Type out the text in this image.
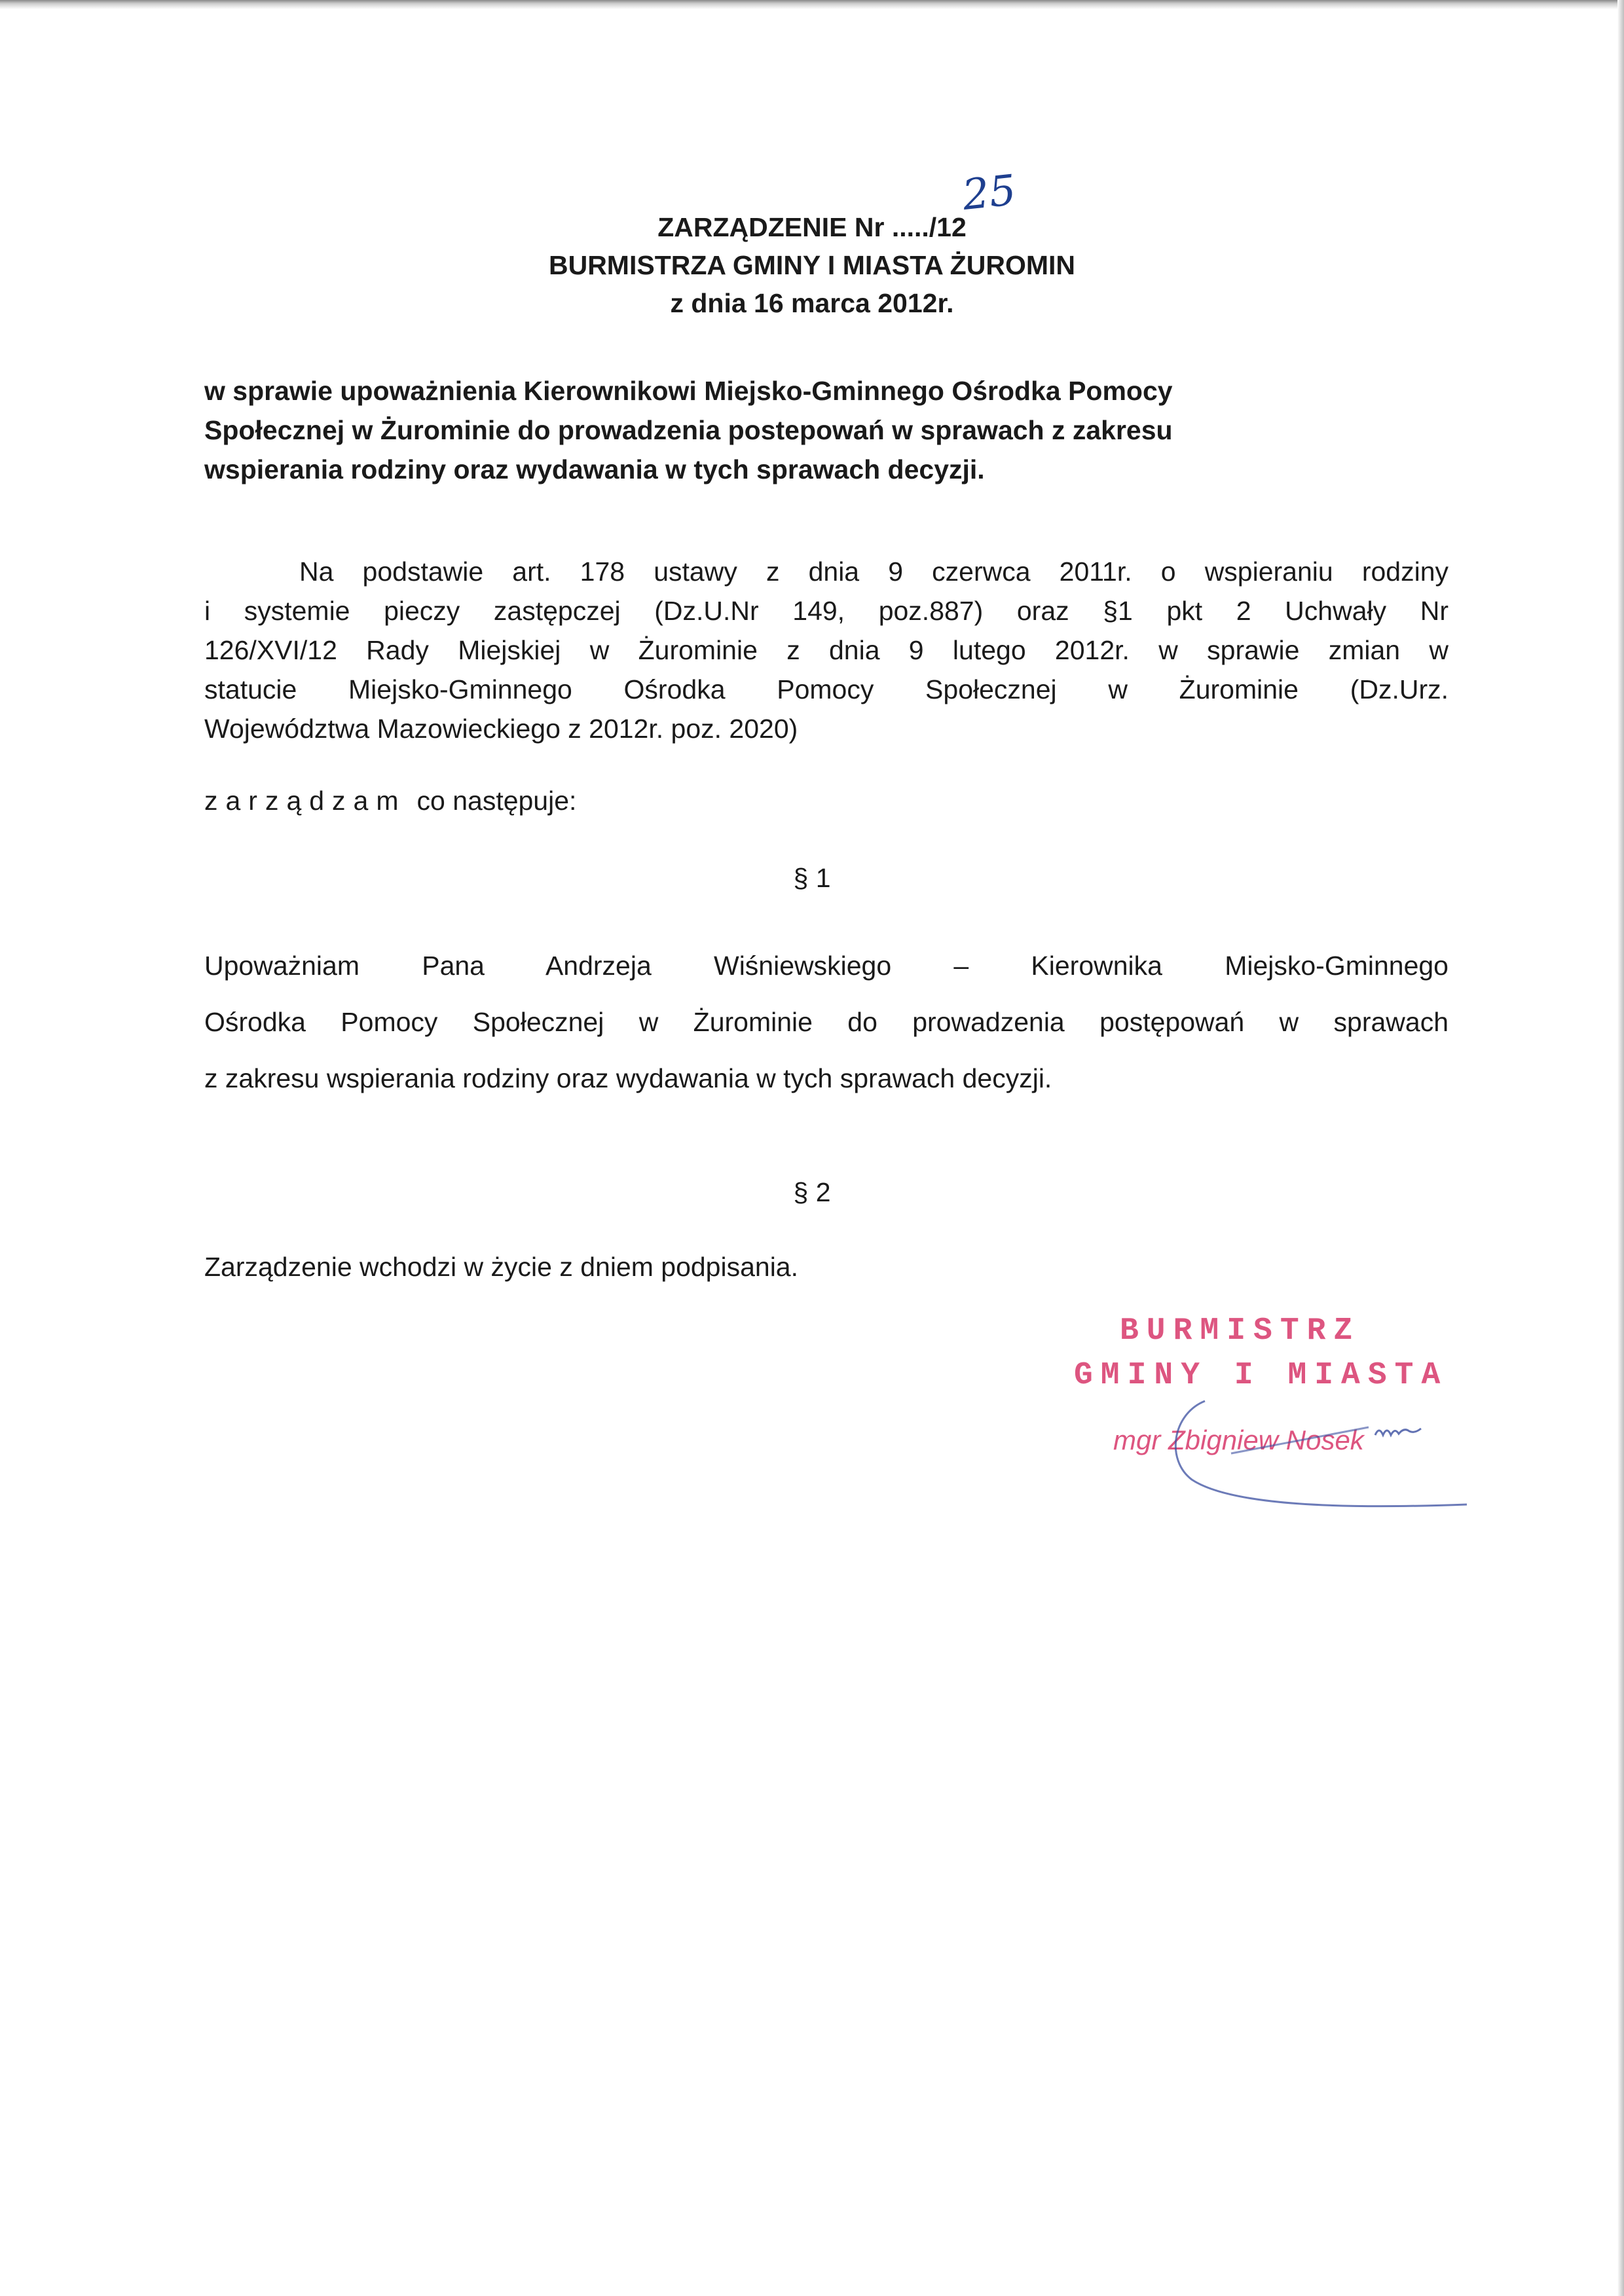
ZARZĄDZENIE Nr .....
25
/12
BURMISTRZA GMINY I MIASTA ŻUROMIN
z dnia 16 marca 2012r.
w sprawie upoważnienia Kierownikowi Miejsko-Gminnego Ośrodka Pomocy
Społecznej w Żurominie do prowadzenia postepowań w sprawach z zakresu
wspierania rodziny oraz wydawania w tych sprawach decyzji.
Na podstawie art. 178 ustawy z dnia 9 czerwca 2011r. o wspieraniu rodziny
i systemie pieczy zastępczej (Dz.U.Nr 149, poz.887) oraz §1 pkt 2 Uchwały Nr
126/XVI/12 Rady Miejskiej w Żurominie z dnia 9 lutego 2012r. w sprawie zmian w
statucie Miejsko-Gminnego Ośrodka Pomocy Społecznej w Żurominie (Dz.Urz.
Województwa Mazowieckiego z 2012r. poz. 2020)
zarządzam co następuje:
§ 1
Upoważniam Pana Andrzeja Wiśniewskiego – Kierownika Miejsko-Gminnego
Ośrodka Pomocy Społecznej w Żurominie do prowadzenia postępowań w sprawach
z zakresu wspierania rodziny oraz wydawania w tych sprawach decyzji.
§ 2
Zarządzenie wchodzi w życie z dniem podpisania.
BURMISTRZ
GMINY I MIASTA
mgr Zbigniew Nosek
